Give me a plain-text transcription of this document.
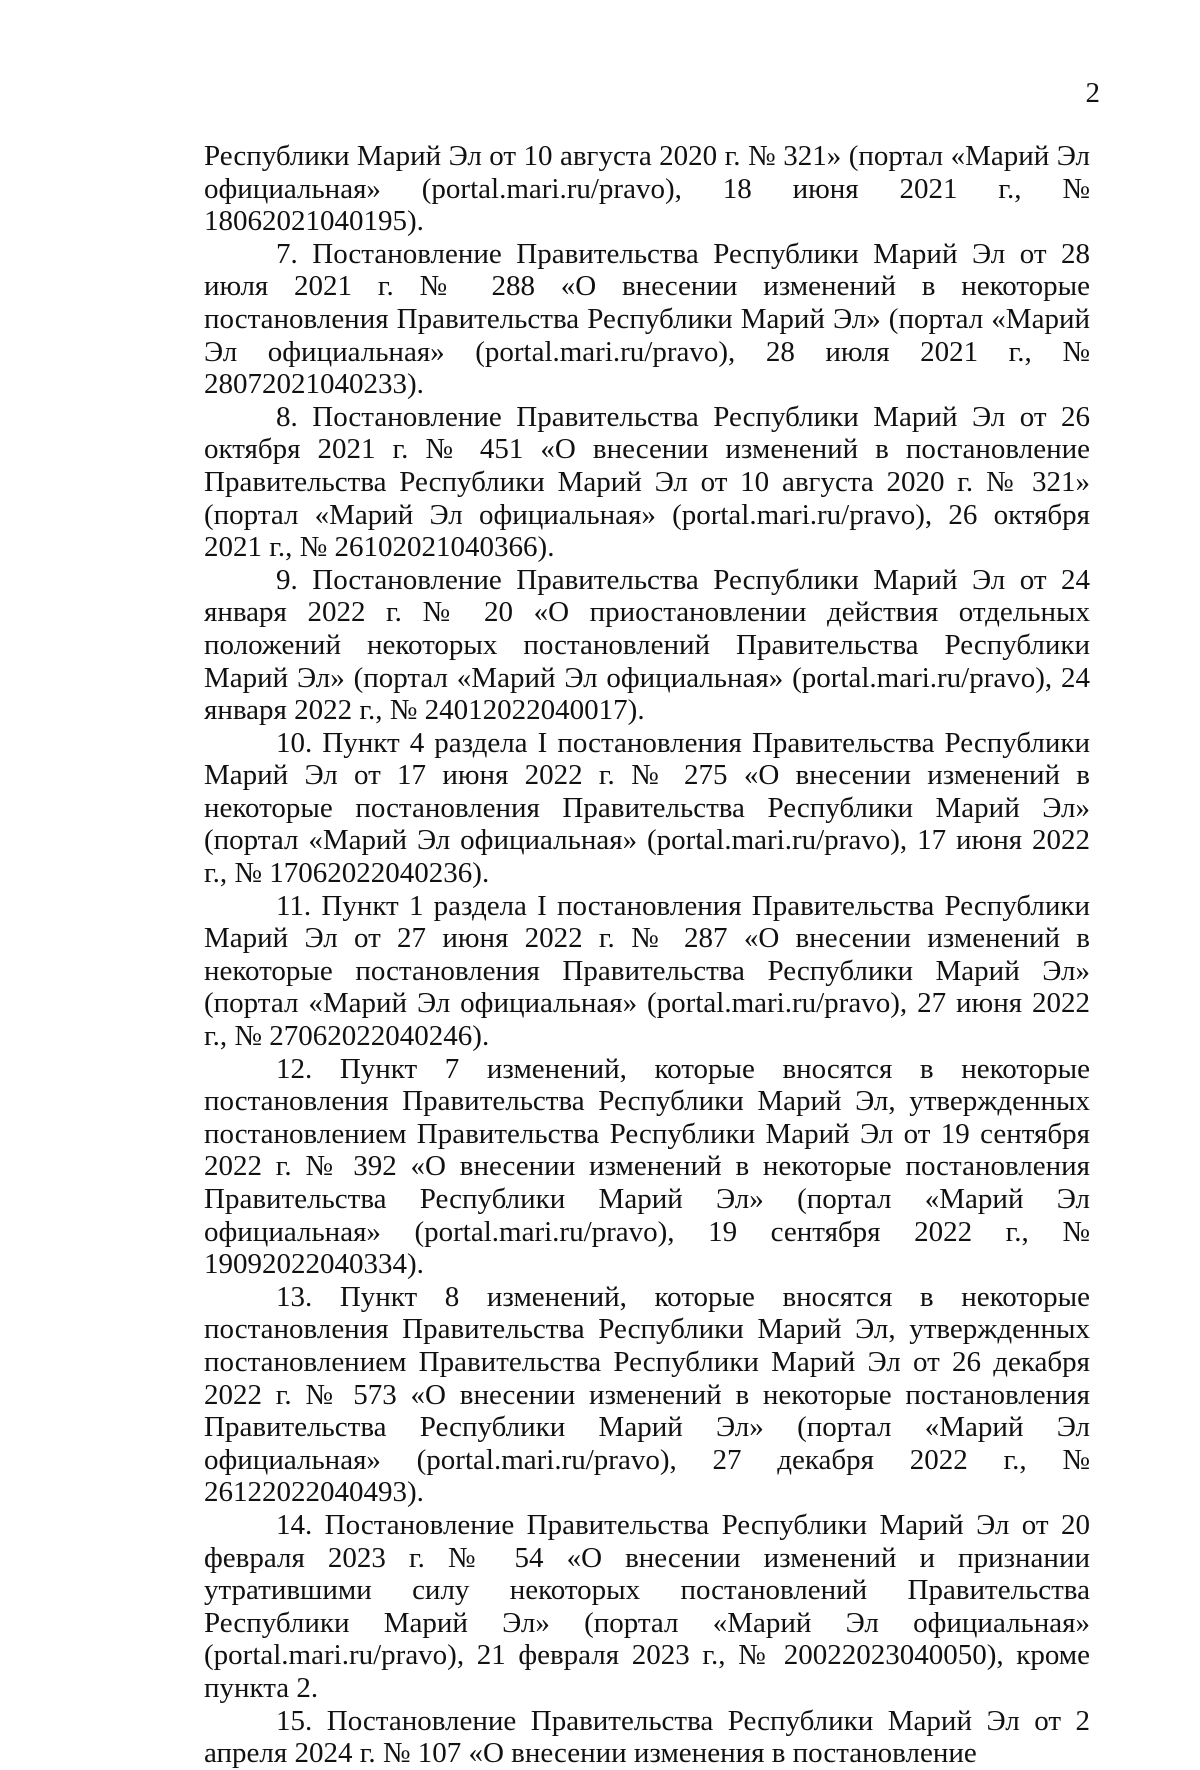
2

Республики Марий Эл от 10 августа 2020 г. № 321» (портал «Марий Эл официальная» (portal.mari.ru/pravo), 18 июня 2021 г., № 18062021040195).

7. Постановление Правительства Республики Марий Эл от 28 июля 2021 г. № 288 «О внесении изменений в некоторые постановления Правительства Республики Марий Эл» (портал «Марий Эл официальная» (portal.mari.ru/pravo), 28 июля 2021 г., № 28072021040233).

8. Постановление Правительства Республики Марий Эл от 26 октября 2021 г. № 451 «О внесении изменений в постановление Правительства Республики Марий Эл от 10 августа 2020 г. № 321» (портал «Марий Эл официальная» (portal.mari.ru/pravo), 26 октября 2021 г., № 26102021040366).

9. Постановление Правительства Республики Марий Эл от 24 января 2022 г. № 20 «О приостановлении действия отдельных положений некоторых постановлений Правительства Республики Марий Эл» (портал «Марий Эл официальная» (portal.mari.ru/pravo), 24 января 2022 г., № 24012022040017).

10. Пункт 4 раздела I постановления Правительства Республики Марий Эл от 17 июня 2022 г. № 275 «О внесении изменений в некоторые постановления Правительства Республики Марий Эл» (портал «Марий Эл официальная» (portal.mari.ru/pravo), 17 июня 2022 г., № 17062022040236).

11. Пункт 1 раздела I постановления Правительства Республики Марий Эл от 27 июня 2022 г. № 287 «О внесении изменений в некоторые постановления Правительства Республики Марий Эл» (портал «Марий Эл официальная» (portal.mari.ru/pravo), 27 июня 2022 г., № 27062022040246).

12. Пункт 7 изменений, которые вносятся в некоторые постановления Правительства Республики Марий Эл, утвержденных постановлением Правительства Республики Марий Эл от 19 сентября 2022 г. № 392 «О внесении изменений в некоторые постановления Правительства Республики Марий Эл» (портал «Марий Эл официальная» (portal.mari.ru/pravo), 19 сентября 2022 г., № 19092022040334).

13. Пункт 8 изменений, которые вносятся в некоторые постановления Правительства Республики Марий Эл, утвержденных постановлением Правительства Республики Марий Эл от 26 декабря 2022 г. № 573 «О внесении изменений в некоторые постановления Правительства Республики Марий Эл» (портал «Марий Эл официальная» (portal.mari.ru/pravo), 27 декабря 2022 г., № 26122022040493).

14. Постановление Правительства Республики Марий Эл от 20 февраля 2023 г. № 54 «О внесении изменений и признании утратившими силу некоторых постановлений Правительства Республики Марий Эл» (портал «Марий Эл официальная» (portal.mari.ru/pravo), 21 февраля 2023 г., № 20022023040050), кроме пункта 2.

15. Постановление Правительства Республики Марий Эл от 2 апреля 2024 г. № 107 «О внесении изменения в постановление
